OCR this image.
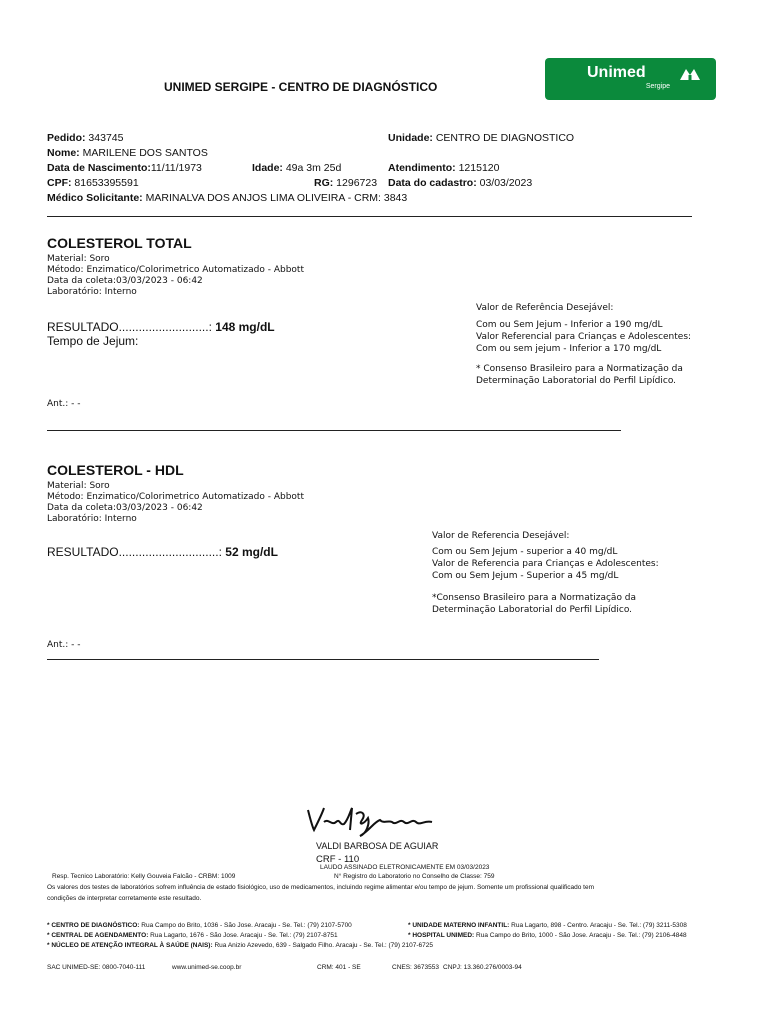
UNIMED SERGIPE - CENTRO DE DIAGNÓSTICO
Unimed
Sergipe
Pedido: 343745	Unidade: CENTRO DE DIAGNOSTICO
Nome: MARILENE DOS SANTOS
Data de Nascimento:11/11/1973	Idade: 49a 3m 25d	Atendimento: 1215120
CPF: 81653395591	RG: 1296723 Data do cadastro: 03/03/2023
Médico Solicitante: MARINALVA DOS ANJOS LIMA OLIVEIRA - CRM: 3843
COLESTEROL TOTAL
Material: Soro
Método: Enzimatico/Colorimetrico Automatizado - Abbott
Data da coleta:03/03/2023 - 06:42
Laboratório: Interno
Valor de Referência Desejável:

Com ou Sem Jejum - Inferior a 190 mg/dL

Valor Referencial para Crianças e Adolescentes:

Com ou sem jejum - Inferior a 170 mg/dL

* Consenso Brasileiro para a Normatização da

Determinação Laboratorial do Perfil Lipídico.

RESULTADO...........................: 148 mg/dL
Tempo de Jejum:
Ant.: - -
COLESTEROL - HDL
Material: Soro
Método: Enzimatico/Colorimetrico Automatizado - Abbott
Data da coleta:03/03/2023 - 06:42
Laboratório: Interno
Valor de Referencia Desejável:

Com ou Sem Jejum - superior a 40 mg/dL

Valor de Referencia para Crianças e Adolescentes:

Com ou Sem Jejum - Superior a 45 mg/dL

*Consenso Brasileiro para a Normatização da

Determinação Laboratorial do Perfil Lipídico.

RESULTADO..............................: 52 mg/dL
Ant.: - -
VALDI BARBOSA DE AGUIAR
CRF - 110
LAUDO ASSINADO ELETRONICAMENTE EM 03/03/2023
N° Registro do Laboratorio no Conselho de Classe: 759
Resp. Tecnico Laboratório: Kelly Gouveia Falcão - CRBM: 1009
Os valores dos testes de laboratórios sofrem influência de estado fisiológico, uso de medicamentos, incluindo regime alimentar e/ou tempo de jejum. Somente um profissional qualificado tem
condições de interpretar corretamente este resultado.
* CENTRO DE DIAGNÓSTICO: Rua Campo do Brito, 1036 - São Jose. Aracaju - Se. Tel.: (79) 2107-5700	* UNIDADE MATERNO INFANTIL: Rua Lagarto, 898 - Centro. Aracaju - Se. Tel.: (79) 3211-5308
* CENTRAL DE AGENDAMENTO: Rua Lagarto, 1676 - São Jose. Aracaju - Se. Tel.: (79) 2107-8751	* HOSPITAL UNIMED: Rua Campo do Brito, 1000 - São Jose. Aracaju - Se. Tel.: (79) 2106-4848
* NÚCLEO DE ATENÇÃO INTEGRAL À SAÚDE (NAIS): Rua Anizio Azevedo, 639 - Salgado Filho. Aracaju - Se. Tel.: (79) 2107-6725
SAC UNIMED-SE: 0800-7040-111	www.unimed-se.coop.br	CRM: 401 - SE	CNES: 3673553 CNPJ: 13.360.276/0003-94
